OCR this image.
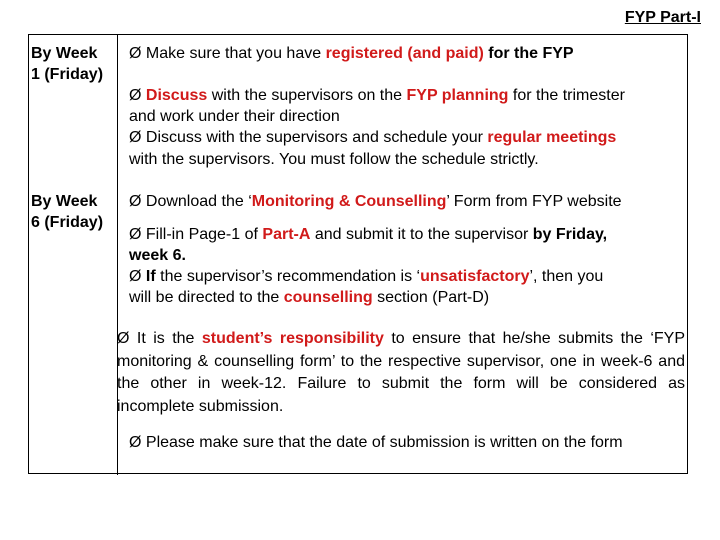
FYP Part-I
By Week
1 (Friday)
Ø Make sure that you have registered (and paid) for the FYP
Ø Discuss with the supervisors on the FYP planning for the trimester
and work under their direction
Ø Discuss with the supervisors and schedule your regular meetings
with the supervisors. You must follow the schedule strictly.
By Week
6 (Friday)
Ø Download the ‘Monitoring & Counselling’ Form from FYP website
Ø Fill-in Page-1 of Part-A and submit it to the supervisor by Friday,
week 6.
Ø If the supervisor’s recommendation is ‘unsatisfactory’, then you
will be directed to the counselling section (Part-D)
Ø It is the student’s responsibility to ensure that he/she submits the ‘FYP monitoring & counselling form’ to the respective supervisor, one in week-6 and the other in week-12. Failure to submit the form will be considered as incomplete submission.
Ø Please make sure that the date of submission is written on the form
